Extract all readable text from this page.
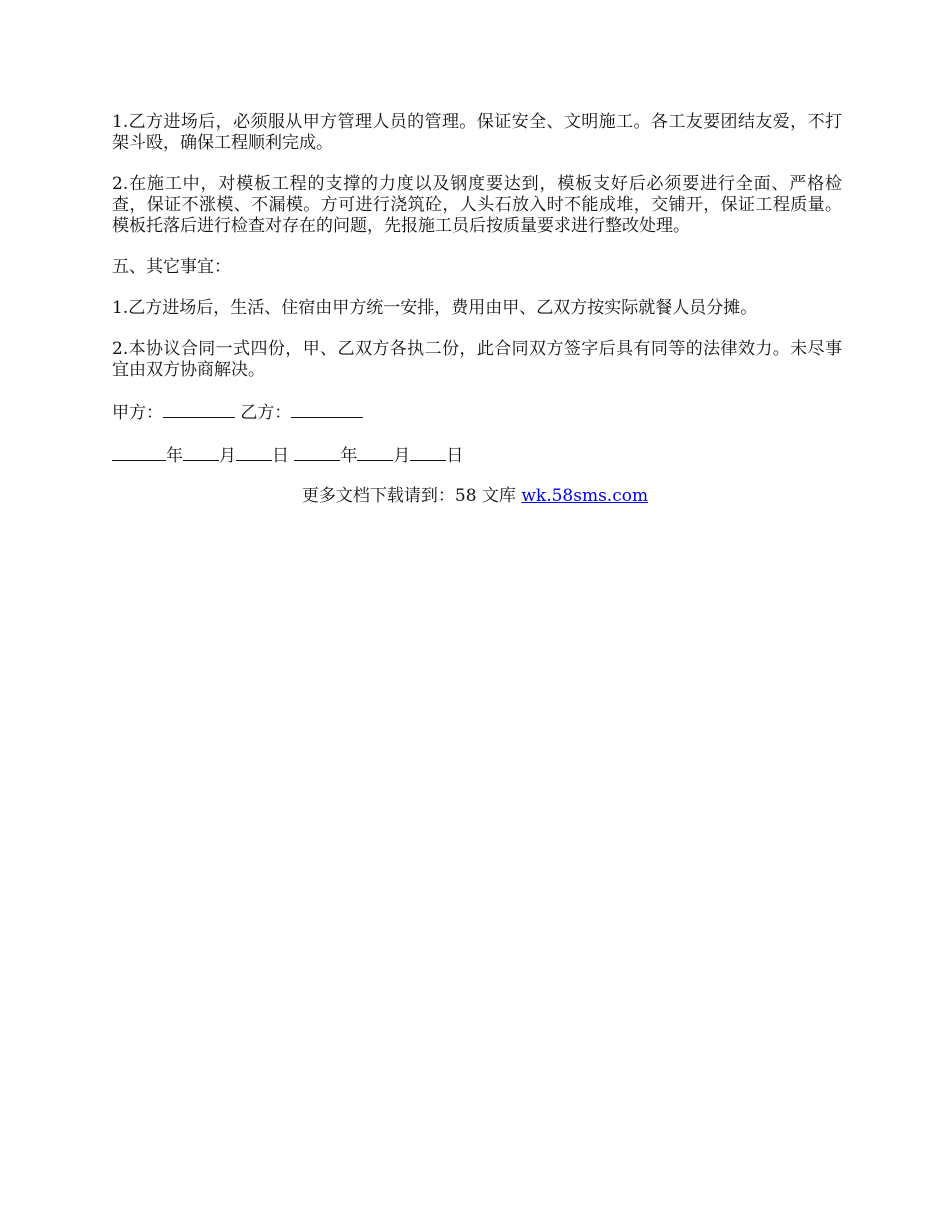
1.乙方进场后，必须服从甲方管理人员的管理。保证安全、文明施工。各工友要团结友爱，不打架斗殴，确保工程顺利完成。

2.在施工中，对模板工程的支撑的力度以及钢度要达到，模板支好后必须要进行全面、严格检查，保证不涨模、不漏模。方可进行浇筑砼，人头石放入时不能成堆，交铺开，保证工程质量。模板托落后进行检查对存在的问题，先报施工员后按质量要求进行整改处理。

五、其它事宜：

1.乙方进场后，生活、住宿由甲方统一安排，费用由甲、乙双方按实际就餐人员分摊。

2.本协议合同一式四份，甲、乙双方各执二份，此合同双方签字后具有同等的法律效力。未尽事宜由双方协商解决。

甲方：	乙方：

年 月 日	年 月 日

更多文档下载请到：58 文库 wk.58sms.com
